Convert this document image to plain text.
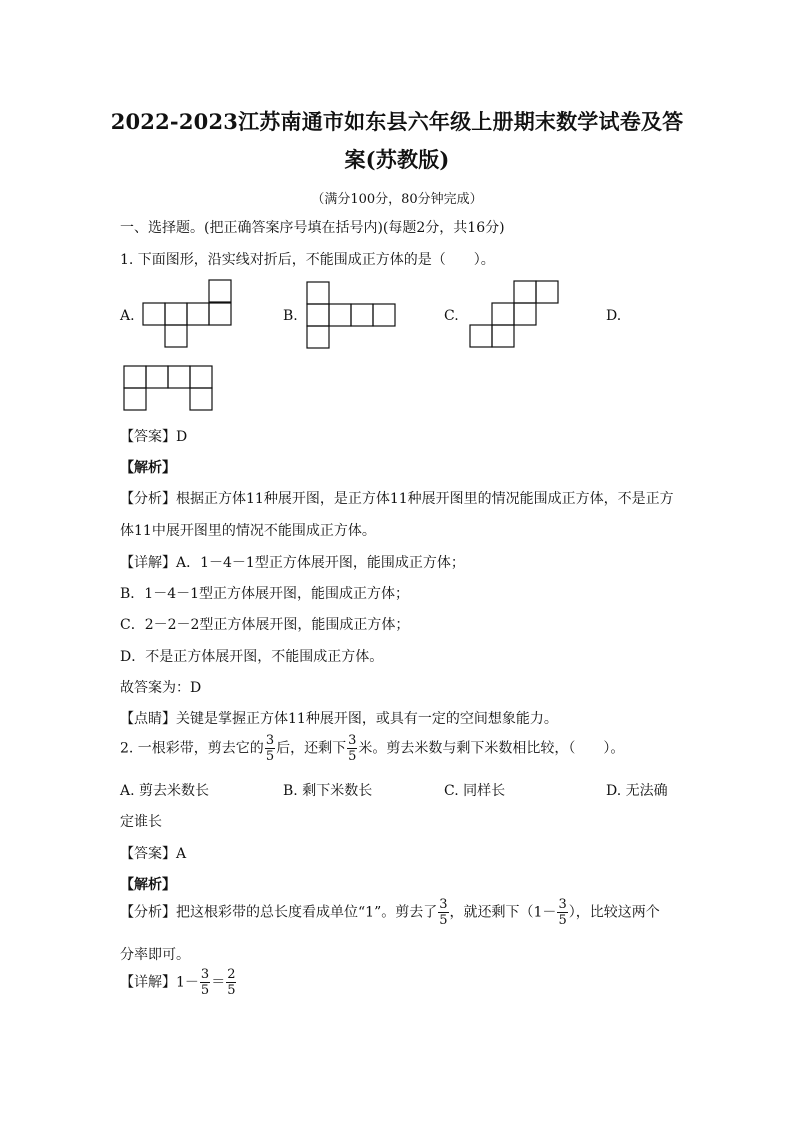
2022-2023江苏南通市如东县六年级上册期末数学试卷及答
案(苏教版)
（满分100分，80分钟完成）
一、选择题。(把正确答案序号填在括号内)(每题2分，共16分)
1. 下面图形，沿实线对折后，不能围成正方体的是（　　）。
A.	B.	C.	D.
【答案】D
【解析】
【分析】根据正方体11种展开图，是正方体11种展开图里的情况能围成正方体，不是正方
体11中展开图里的情况不能围成正方体。
【详解】A．1－4－1型正方体展开图，能围成正方体；
B．1－4－1型正方体展开图，能围成正方体；
C．2－2－2型正方体展开图，能围成正方体；
D．不是正方体展开图，不能围成正方体。
故答案为：D
【点睛】关键是掌握正方体11种展开图，或具有一定的空间想象能力。
2. 一根彩带，剪去它的 $\frac{3}{5}$ 后，还剩下 $\frac{3}{5}$ 米。剪去米数与剩下米数相比较，（　　）。
A. 剪去米数长	B. 剩下米数长	C. 同样长	D. 无法确
定谁长
【答案】A
【解析】
【分析】把这根彩带的总长度看成单位“1”。剪去了 $\frac{3}{5}$ ，就还剩下（$1- \frac{3}{5}$ ），比较这两个
分率即可。
【详解】$1- \frac{3}{5} = \frac{2}{5}$
